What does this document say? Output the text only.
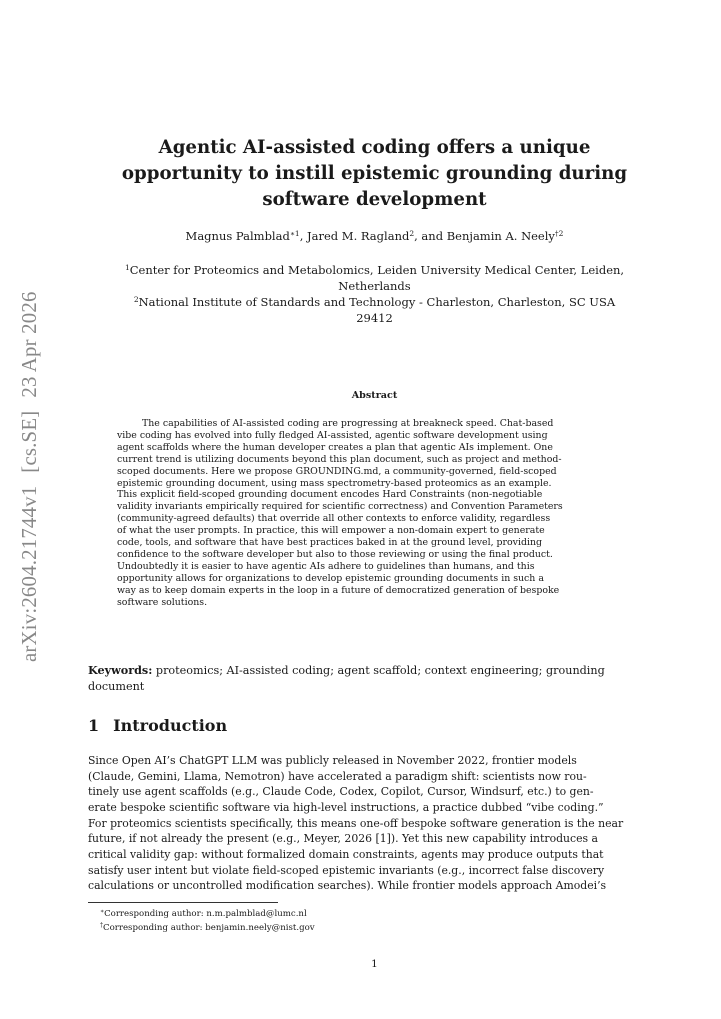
arXiv:2604.21744v1[cs.SE]23 Apr 2026
Agentic AI-assisted coding offers a unique
opportunity to instill epistemic grounding during
software development
Magnus Palmblad$^{∗1}$, Jared M. Ragland$^2$, and Benjamin A. Neely$^{\dagger 2}$
$^1$Center for Proteomics and Metabolomics, Leiden University Medical Center, Leiden,
Netherlands
$^2$National Institute of Standards and Technology - Charleston, Charleston, SC USA
29412
Abstract
The capabilities of AI-assisted coding are progressing at breakneck speed. Chat-based
vibe coding has evolved into fully fledged AI-assisted, agentic software development using
agent scaffolds where the human developer creates a plan that agentic AIs implement. One
current trend is utilizing documents beyond this plan document, such as project and method-
scoped documents. Here we propose GROUNDING.md, a community-governed, field-scoped
epistemic grounding document, using mass spectrometry-based proteomics as an example.
This explicit field-scoped grounding document encodes Hard Constraints (non-negotiable
validity invariants empirically required for scientific correctness) and Convention Parameters
(community-agreed defaults) that override all other contexts to enforce validity, regardless
of what the user prompts. In practice, this will empower a non-domain expert to generate
code, tools, and software that have best practices baked in at the ground level, providing
confidence to the software developer but also to those reviewing or using the final product.
Undoubtedly it is easier to have agentic AIs adhere to guidelines than humans, and this
opportunity allows for organizations to develop epistemic grounding documents in such a
way as to keep domain experts in the loop in a future of democratized generation of bespoke
software solutions.
Keywords: proteomics; AI-assisted coding; agent scaffold; context engineering; grounding
document
1 Introduction
Since Open AI’s ChatGPT LLM was publicly released in November 2022, frontier models
(Claude, Gemini, Llama, Nemotron) have accelerated a paradigm shift: scientists now rou-
tinely use agent scaffolds (e.g., Claude Code, Codex, Copilot, Cursor, Windsurf, etc.) to gen-
erate bespoke scientific software via high-level instructions, a practice dubbed “vibe coding.”
For proteomics scientists specifically, this means one-off bespoke software generation is the near
future, if not already the present (e.g., Meyer, 2026 [1]). Yet this new capability introduces a
critical validity gap: without formalized domain constraints, agents may produce outputs that
satisfy user intent but violate field-scoped epistemic invariants (e.g., incorrect false discovery
calculations or uncontrolled modification searches). While frontier models approach Amodei’s
∗Corresponding author: n.m.palmblad@lumc.nl
†Corresponding author: benjamin.neely@nist.gov
1
